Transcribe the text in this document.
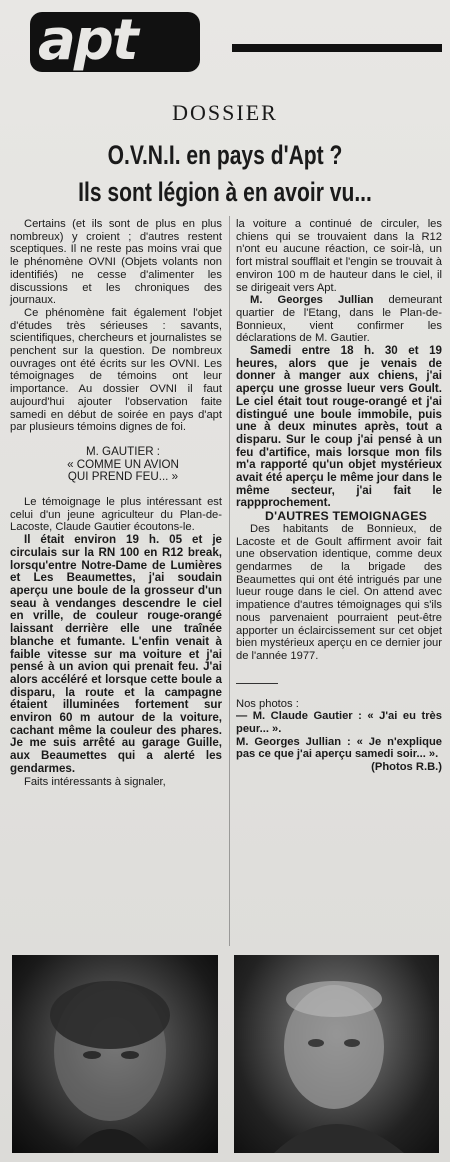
apt
DOSSIER
O.V.N.I. en pays d'Apt ?
Ils sont légion à en avoir vu...

Certains (et ils sont de plus en plus nombreux) y croient ; d'autres restent sceptiques. Il ne reste pas moins vrai que le phénomène OVNI (Objets volants non identifiés) ne cesse d'alimenter les discussions et les chroniques des journaux.

Ce phénomène fait également l'objet d'études très sérieuses : savants, scientifiques, chercheurs et journalistes se penchent sur la question. De nombreux ouvrages ont été écrits sur les OVNI. Les témoignages de témoins ont leur importance. Au dossier OVNI il faut aujourd'hui ajouter l'observation faite samedi en début de soirée en pays d'apt par plusieurs témoins dignes de foi.

M. GAUTIER :

« COMME UN AVION

QUI PREND FEU... »

Le témoignage le plus intéressant est celui d'un jeune agriculteur du Plan-de-Lacoste, Claude Gautier écoutons-le.

Il était environ 19 h. 05 et je circulais sur la RN 100 en R12 break, lorsqu'entre Notre-Dame de Lumières et Les Beaumettes, j'ai soudain aperçu une boule de la grosseur d'un seau à vendanges descendre le ciel en vrille, de couleur rouge-orangé laissant derrière elle une traînée blanche et fumante. L'enfin venait à faible vitesse sur ma voiture et j'ai pensé à un avion qui prenait feu. J'ai alors accéléré et lorsque cette boule a disparu, la route et la campagne étaient illuminées fortement sur environ 60 m autour de la voiture, cachant même la couleur des phares. Je me suis arrêté au garage Guille, aux Beaumettes qui a alerté les gendarmes.

Faits intéressants à signaler,

la voiture a continué de circuler, les chiens qui se trouvaient dans la R12 n'ont eu aucune réaction, ce soir-là, un fort mistral soufflait et l'engin se trouvait à environ 100 m de hauteur dans le ciel, il se dirigeait vers Apt.

M. Georges Jullian demeurant quartier de l'Etang, dans le Plan-de-Bonnieux, vient confirmer les déclarations de M. Gautier.

Samedi entre 18 h. 30 et 19 heures, alors que je venais de donner à manger aux chiens, j'ai aperçu une grosse lueur vers Goult. Le ciel était tout rouge-orangé et j'ai distingué une boule immobile, puis une à deux minutes après, tout a disparu. Sur le coup j'ai pensé à un feu d'artifice, mais lorsque mon fils m'a rapporté qu'un objet mystérieux avait été aperçu le même jour dans le même secteur, j'ai fait le rappprochement.

D'AUTRES TEMOIGNAGES

Des habitants de Bonnieux, de Lacoste et de Goult affirment avoir fait une observation identique, comme deux gendarmes de la brigade des Beaumettes qui ont été intrigués par une lueur rouge dans le ciel. On attend avec impatience d'autres témoignages qui s'ils nous parvenaient pourraient peut-être apporter un éclaircissement sur cet objet bien mystérieux aperçu en ce dernier jour de l'année 1977.

Nos photos :

— M. Claude Gautier : « J'ai eu très peur... ».

M. Georges Jullian : « Je n'explique pas ce que j'ai aperçu samedi soir... ».

(Photos R.B.)
